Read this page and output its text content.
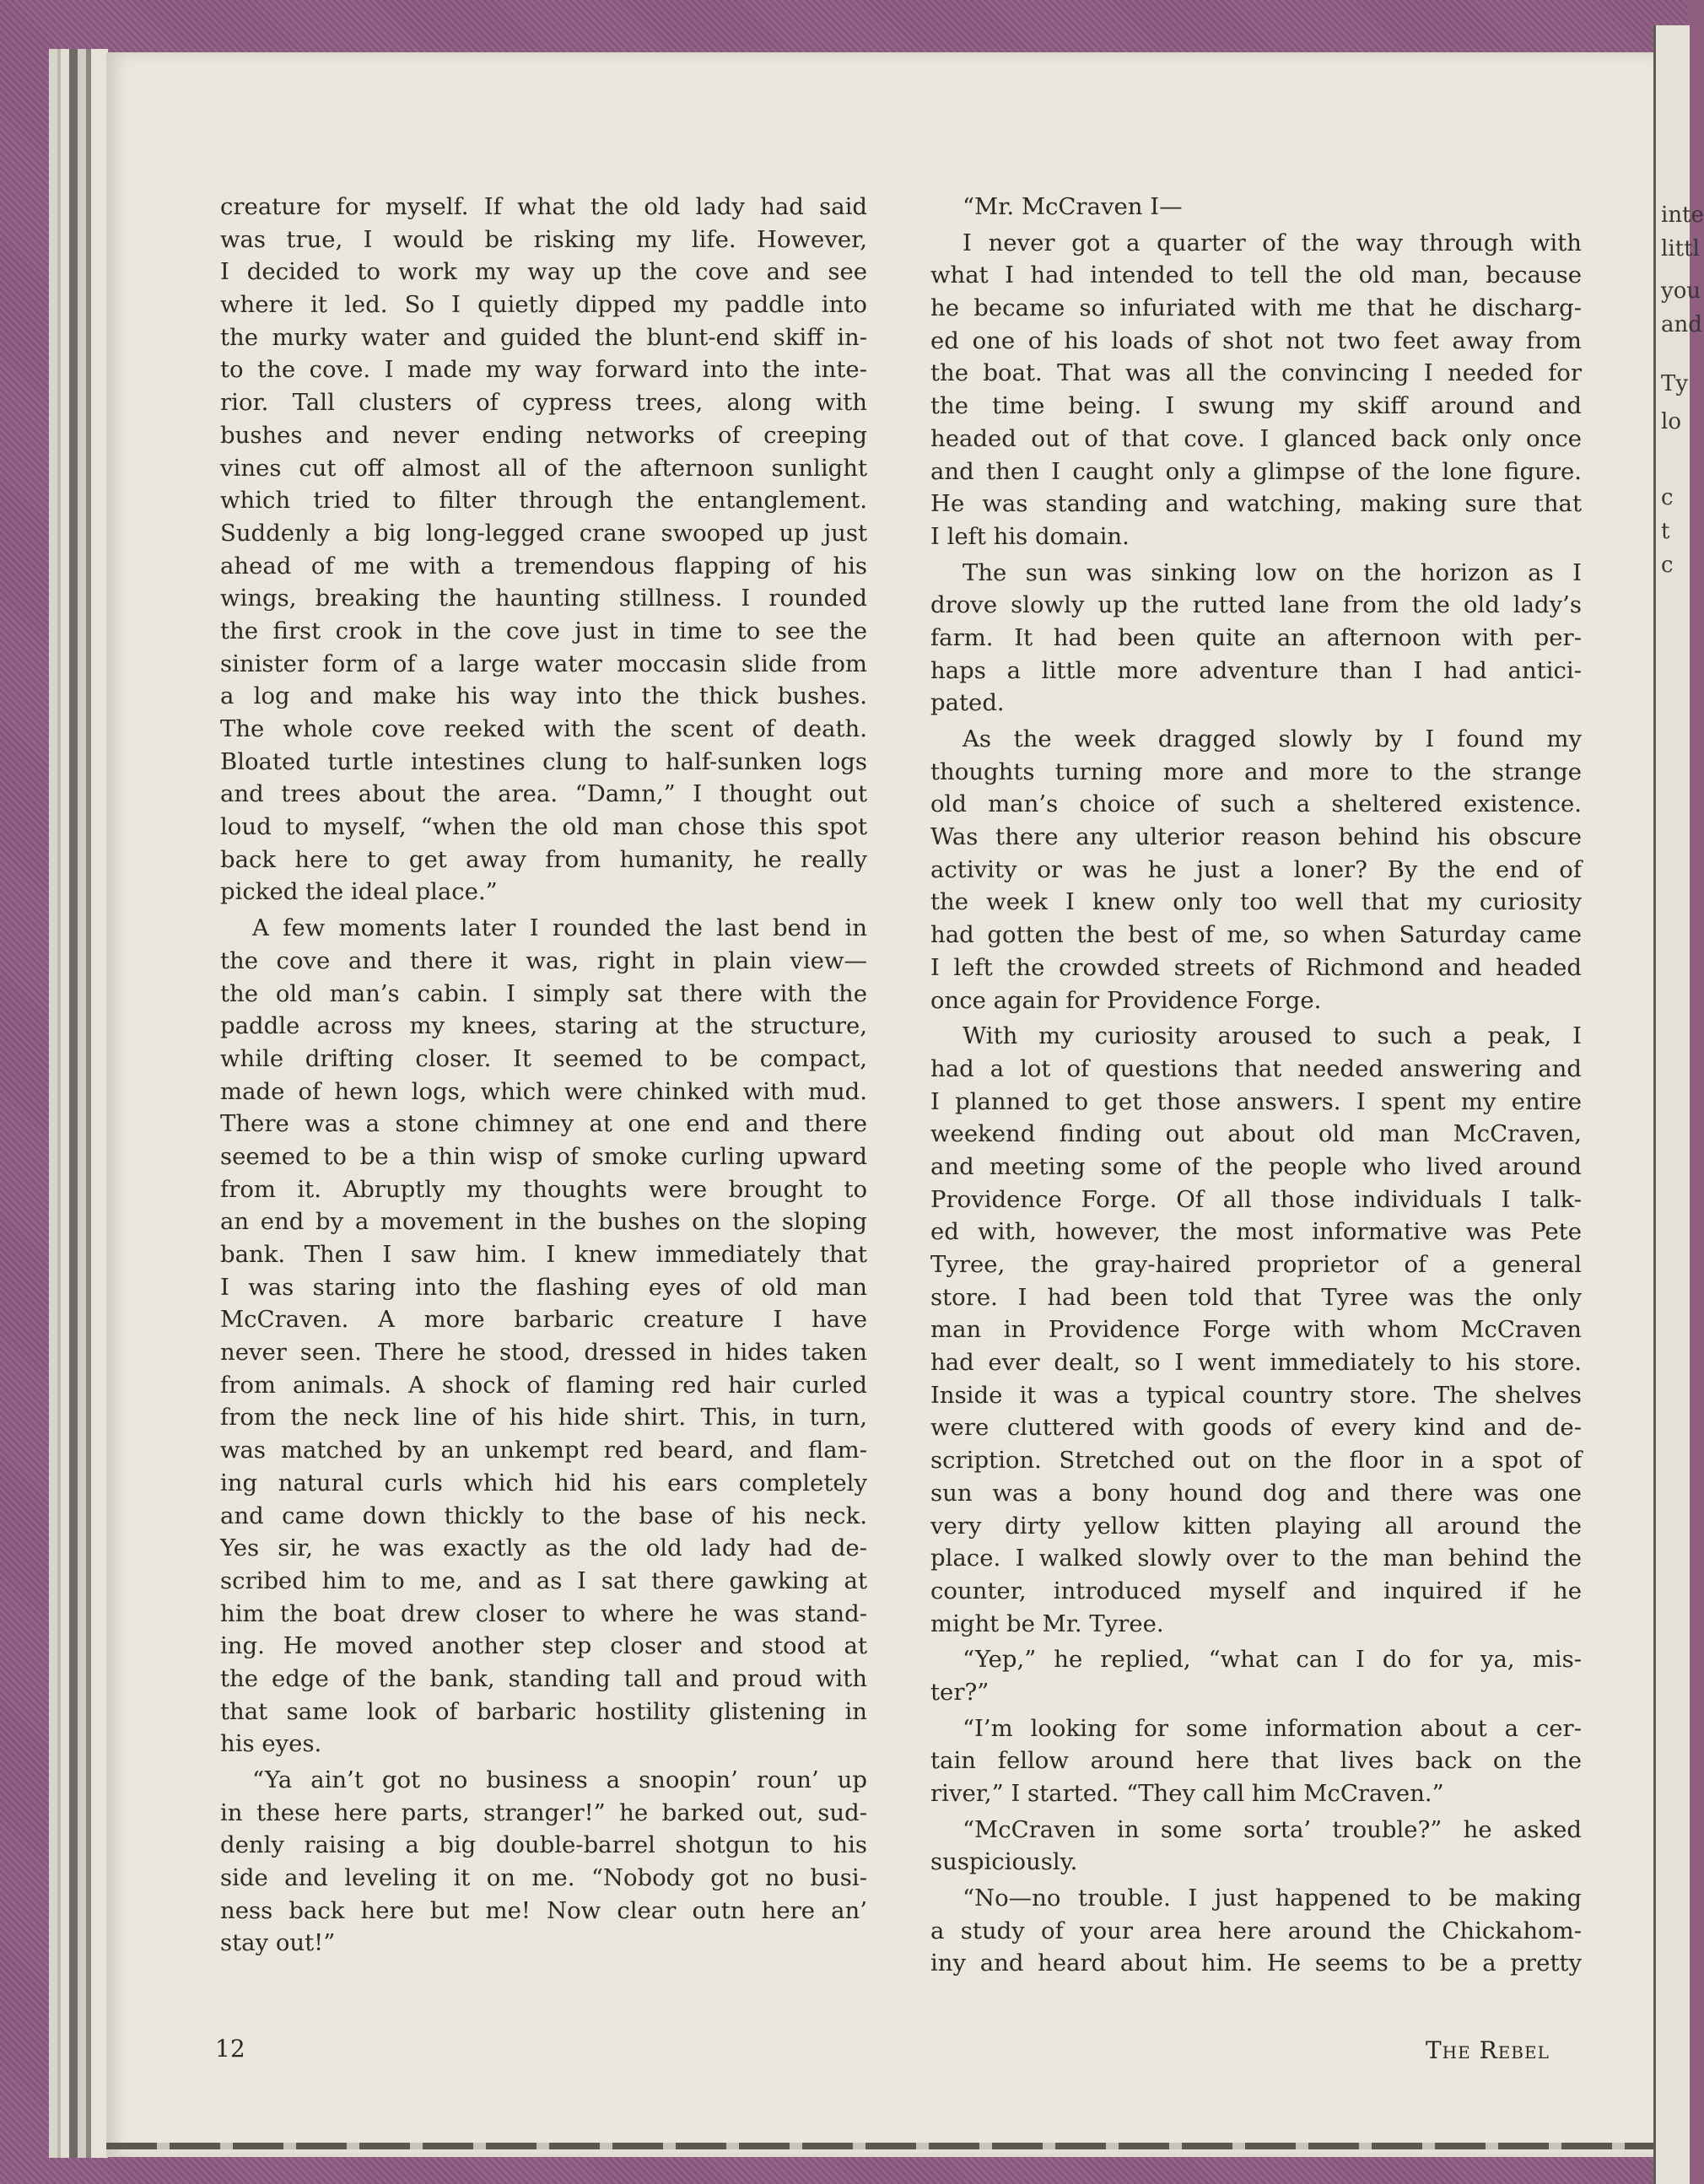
inte
littl
you
and
Ty
lo
c
t
c
creature for myself. If what the old lady had said
was true, I would be risking my life. However,
I decided to work my way up the cove and see
where it led. So I quietly dipped my paddle into
the murky water and guided the blunt-end skiff in-
to the cove. I made my way forward into the inte-
rior. Tall clusters of cypress trees, along with
bushes and never ending networks of creeping
vines cut off almost all of the afternoon sunlight
which tried to filter through the entanglement.
Suddenly a big long-legged crane swooped up just
ahead of me with a tremendous flapping of his
wings, breaking the haunting stillness. I rounded
the first crook in the cove just in time to see the
sinister form of a large water moccasin slide from
a log and make his way into the thick bushes.
The whole cove reeked with the scent of death.
Bloated turtle intestines clung to half-sunken logs
and trees about the area. “Damn,” I thought out
loud to myself, “when the old man chose this spot
back here to get away from humanity, he really
picked the ideal place.”
A few moments later I rounded the last bend in
the cove and there it was, right in plain view—
the old man’s cabin. I simply sat there with the
paddle across my knees, staring at the structure,
while drifting closer. It seemed to be compact,
made of hewn logs, which were chinked with mud.
There was a stone chimney at one end and there
seemed to be a thin wisp of smoke curling upward
from it. Abruptly my thoughts were brought to
an end by a movement in the bushes on the sloping
bank. Then I saw him. I knew immediately that
I was staring into the flashing eyes of old man
McCraven. A more barbaric creature I have
never seen. There he stood, dressed in hides taken
from animals. A shock of flaming red hair curled
from the neck line of his hide shirt. This, in turn,
was matched by an unkempt red beard, and flam-
ing natural curls which hid his ears completely
and came down thickly to the base of his neck.
Yes sir, he was exactly as the old lady had de-
scribed him to me, and as I sat there gawking at
him the boat drew closer to where he was stand-
ing. He moved another step closer and stood at
the edge of the bank, standing tall and proud with
that same look of barbaric hostility glistening in
his eyes.
“Ya ain’t got no business a snoopin’ roun’ up
in these here parts, stranger!” he barked out, sud-
denly raising a big double-barrel shotgun to his
side and leveling it on me. “Nobody got no busi-
ness back here but me! Now clear outn here an’
stay out!”
“Mr. McCraven I—
I never got a quarter of the way through with
what I had intended to tell the old man, because
he became so infuriated with me that he discharg-
ed one of his loads of shot not two feet away from
the boat. That was all the convincing I needed for
the time being. I swung my skiff around and
headed out of that cove. I glanced back only once
and then I caught only a glimpse of the lone figure.
He was standing and watching, making sure that
I left his domain.
The sun was sinking low on the horizon as I
drove slowly up the rutted lane from the old lady’s
farm. It had been quite an afternoon with per-
haps a little more adventure than I had antici-
pated.
As the week dragged slowly by I found my
thoughts turning more and more to the strange
old man’s choice of such a sheltered existence.
Was there any ulterior reason behind his obscure
activity or was he just a loner? By the end of
the week I knew only too well that my curiosity
had gotten the best of me, so when Saturday came
I left the crowded streets of Richmond and headed
once again for Providence Forge.
With my curiosity aroused to such a peak, I
had a lot of questions that needed answering and
I planned to get those answers. I spent my entire
weekend finding out about old man McCraven,
and meeting some of the people who lived around
Providence Forge. Of all those individuals I talk-
ed with, however, the most informative was Pete
Tyree, the gray-haired proprietor of a general
store. I had been told that Tyree was the only
man in Providence Forge with whom McCraven
had ever dealt, so I went immediately to his store.
Inside it was a typical country store. The shelves
were cluttered with goods of every kind and de-
scription. Stretched out on the floor in a spot of
sun was a bony hound dog and there was one
very dirty yellow kitten playing all around the
place. I walked slowly over to the man behind the
counter, introduced myself and inquired if he
might be Mr. Tyree.
“Yep,” he replied, “what can I do for ya, mis-
ter?”
“I’m looking for some information about a cer-
tain fellow around here that lives back on the
river,” I started. “They call him McCraven.”
“McCraven in some sorta’ trouble?” he asked
suspiciously.
“No—no trouble. I just happened to be making
a study of your area here around the Chickahom-
iny and heard about him. He seems to be a pretty
12	The Rebel
